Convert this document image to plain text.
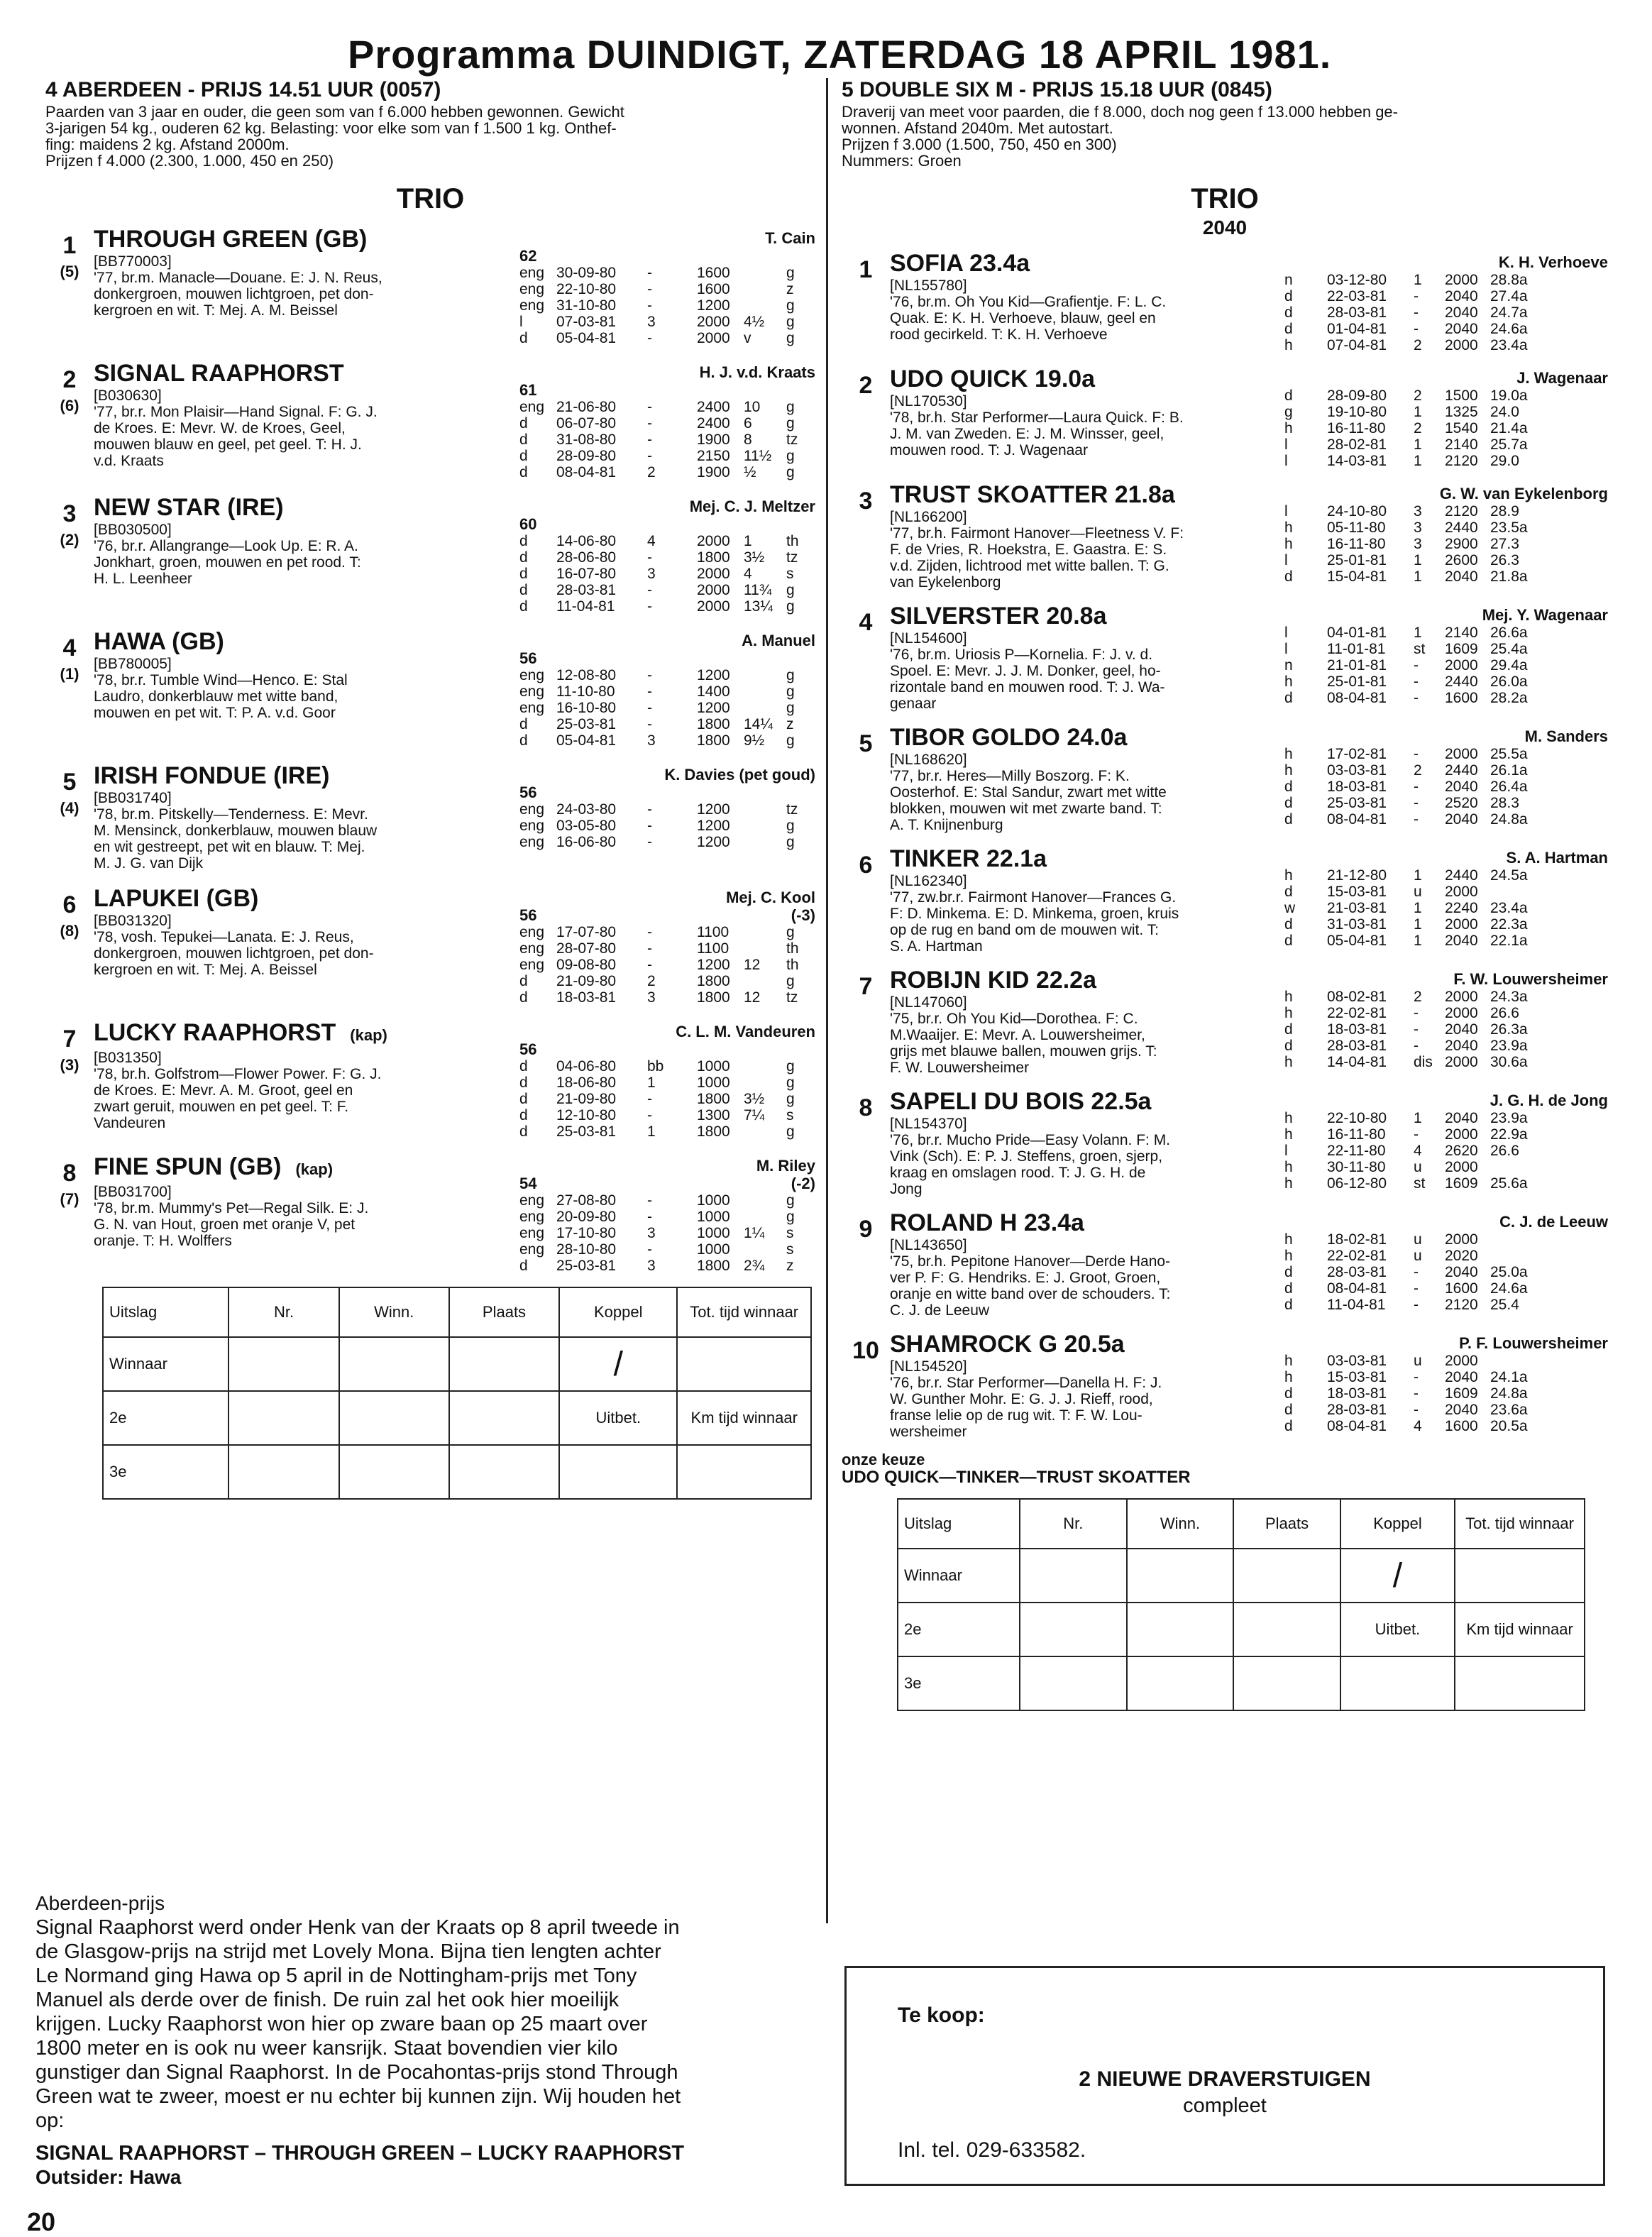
Programma DUINDIGT, ZATERDAG 18 APRIL 1981.
4 ABERDEEN - PRIJS 14.51 UUR (0057)
Paarden van 3 jaar en ouder, die geen som van f 6.000 hebben gewonnen. Gewicht
3-jarigen 54 kg., ouderen 62 kg. Belasting: voor elke som van f 1.500 1 kg. Onthef-
fing: maidens 2 kg. Afstand 2000m.
Prijzen f 4.000 (2.300, 1.000, 450 en 250)
TRIO
1
(5)
THROUGH GREEN (GB)
[BB770003]
'77, br.m. Manacle—Douane. E: J. N. Reus,
donkergroen, mouwen lichtgroen, pet don-
kergroen en wit. T: Mej. A. M. Beissel
T. Cain
62
eng 30-09-80	-	1600	g
eng 22-10-80	-	1600	z
eng 31-10-80	-	1200	g
l	07-03-81	3	2000 4½	g
d	05-04-81	-	2000 v	g
2
(6)
SIGNAL RAAPHORST
[B030630]
'77, br.r. Mon Plaisir—Hand Signal. F: G. J.
de Kroes. E: Mevr. W. de Kroes, Geel,
mouwen blauw en geel, pet geel. T: H. J.
v.d. Kraats
H. J. v.d. Kraats
61
eng 21-06-80	-	2400 10	g
d	06-07-80	-	2400 6	g
d	31-08-80	-	1900 8	tz
d	28-09-80	-	2150 11½ g
d	08-04-81	2	1900 ½	g
3
(2)
NEW STAR (IRE)
[BB030500]
'76, br.r. Allangrange—Look Up. E: R. A.
Jonkhart, groen, mouwen en pet rood. T:
H. L. Leenheer
Mej. C. J. Meltzer
60
d	14-06-80	4	2000 1	th
d	28-06-80	-	1800 3½	tz
d	16-07-80	3	2000 4	s
d	28-03-81	-	2000 11¾ g
d	11-04-81	-	2000 13¼ g
4
(1)
HAWA (GB)
[BB780005]
'78, br.r. Tumble Wind—Henco. E: Stal
Laudro, donkerblauw met witte band,
mouwen en pet wit. T: P. A. v.d. Goor
A. Manuel
56
eng 12-08-80	-	1200	g
eng 11-10-80	-	1400	g
eng 16-10-80	-	1200	g
d	25-03-81	-	1800 14¼ z
d	05-04-81	3	1800 9½	g
5
(4)
IRISH FONDUE (IRE)
[BB031740]
'78, br.m. Pitskelly—Tenderness. E: Mevr.
M. Mensinck, donkerblauw, mouwen blauw
en wit gestreept, pet wit en blauw. T: Mej.
M. J. G. van Dijk
K. Davies (pet goud)
56
eng 24-03-80	-	1200	tz
eng 03-05-80	-	1200	g
eng 16-06-80	-	1200	g
6
(8)
LAPUKEI (GB)
[BB031320]
'78, vosh. Tepukei—Lanata. E: J. Reus,
donkergroen, mouwen lichtgroen, pet don-
kergroen en wit. T: Mej. A. Beissel
Mej. C. Kool
56	(-3)
eng 17-07-80	-	1100	g
eng 28-07-80	-	1100	th
eng 09-08-80	-	1200 12	th
d	21-09-80	2	1800	g
d	18-03-81	3	1800 12	tz
7
(3)
LUCKY RAAPHORST (kap)
[B031350]
'78, br.h. Golfstrom—Flower Power. F: G. J.
de Kroes. E: Mevr. A. M. Groot, geel en
zwart geruit, mouwen en pet geel. T: F.
Vandeuren
C. L. M. Vandeuren
56
d	04-06-80	bb	1000	g
d	18-06-80	1	1000	g
d	21-09-80	-	1800 3½	g
d	12-10-80	-	1300 7¼	s
d	25-03-81	1	1800	g
8
(7)
FINE SPUN (GB) (kap)
[BB031700]
'78, br.m. Mummy's Pet—Regal Silk. E: J.
G. N. van Hout, groen met oranje V, pet
oranje. T: H. Wolffers
M. Riley
54	(-2)
eng 27-08-80	-	1000	g
eng 20-09-80	-	1000	g
eng 17-10-80	3	1000 1¼	s
eng 28-10-80	-	1000	s
d	25-03-81	3	1800 2¾	z
Uitslag	Nr.	Winn.	Plaats	Koppel	Tot. tijd winnaar
Winnaar				/	
2e				Uitbet.	Km tijd winnaar
3e					
5 DOUBLE SIX M - PRIJS 15.18 UUR (0845)
Draverij van meet voor paarden, die f 8.000, doch nog geen f 13.000 hebben ge-
wonnen. Afstand 2040m. Met autostart.
Prijzen f 3.000 (1.500, 750, 450 en 300)
Nummers: Groen
TRIO
2040
1 SOFIA 23.4a
[NL155780]
'76, br.m. Oh You Kid—Grafientje. F: L. C.
Quak. E: K. H. Verhoeve, blauw, geel en
rood gecirkeld. T: K. H. Verhoeve
K. H. Verhoeve
n	03-12-80	1	2000 28.8a
d	22-03-81	-	2040 27.4a
d	28-03-81	-	2040 24.7a
d	01-04-81	-	2040 24.6a
h	07-04-81	2	2000 23.4a
2 UDO QUICK 19.0a
[NL170530]
'78, br.h. Star Performer—Laura Quick. F: B.
J. M. van Zweden. E: J. M. Winsser, geel,
mouwen rood. T: J. Wagenaar
J. Wagenaar
d	28-09-80	2	1500 19.0a
g	19-10-80	1	1325 24.0
h	16-11-80	2	1540 21.4a
l	28-02-81	1	2140 25.7a
l	14-03-81	1	2120 29.0
3 TRUST SKOATTER 21.8a
[NL166200]
'77, br.h. Fairmont Hanover—Fleetness V. F:
F. de Vries, R. Hoekstra, E. Gaastra. E: S.
v.d. Zijden, lichtrood met witte ballen. T: G.
van Eykelenborg
G. W. van Eykelenborg
l	24-10-80	3	2120 28.9
h	05-11-80	3	2440 23.5a
h	16-11-80	3	2900 27.3
l	25-01-81	1	2600 26.3
d	15-04-81	1	2040 21.8a
4 SILVERSTER 20.8a
[NL154600]
'76, br.m. Uriosis P—Kornelia. F: J. v. d.
Spoel. E: Mevr. J. J. M. Donker, geel, ho-
rizontale band en mouwen rood. T: J. Wa-
genaar
Mej. Y. Wagenaar
l	04-01-81	1	2140 26.6a
l	11-01-81	st	1609 25.4a
n	21-01-81	-	2000 29.4a
h	25-01-81	-	2440 26.0a
d	08-04-81	-	1600 28.2a
5 TIBOR GOLDO 24.0a
[NL168620]
'77, br.r. Heres—Milly Boszorg. F: K.
Oosterhof. E: Stal Sandur, zwart met witte
blokken, mouwen wit met zwarte band. T:
A. T. Knijnenburg
M. Sanders
h	17-02-81	-	2000 25.5a
h	03-03-81	2	2440 26.1a
d	18-03-81	-	2040 26.4a
d	25-03-81	-	2520 28.3
d	08-04-81	-	2040 24.8a
6 TINKER 22.1a
[NL162340]
'77, zw.br.r. Fairmont Hanover—Frances G.
F: D. Minkema. E: D. Minkema, groen, kruis
op de rug en band om de mouwen wit. T:
S. A. Hartman
S. A. Hartman
h	21-12-80	1	2440 24.5a
d	15-03-81	u	2000
w	21-03-81	1	2240 23.4a
d	31-03-81	1	2000 22.3a
d	05-04-81	1	2040 22.1a
7 ROBIJN KID 22.2a
[NL147060]
'75, br.r. Oh You Kid—Dorothea. F: C.
M.Waaijer. E: Mevr. A. Louwersheimer,
grijs met blauwe ballen, mouwen grijs. T:
F. W. Louwersheimer
F. W. Louwersheimer
h	08-02-81	2	2000 24.3a
h	22-02-81	-	2000 26.6
d	18-03-81	-	2040 26.3a
d	28-03-81	-	2040 23.9a
h	14-04-81	dis 2000 30.6a
8 SAPELI DU BOIS 22.5a
[NL154370]
'76, br.r. Mucho Pride—Easy Volann. F: M.
Vink (Sch). E: P. J. Steffens, groen, sjerp,
kraag en omslagen rood. T: J. G. H. de
Jong
J. G. H. de Jong
h	22-10-80	1	2040 23.9a
h	16-11-80	-	2000 22.9a
l	22-11-80	4	2620 26.6
h	30-11-80	u	2000
h	06-12-80	st	1609 25.6a
9 ROLAND H 23.4a
[NL143650]
'75, br.h. Pepitone Hanover—Derde Hano-
ver P. F: G. Hendriks. E: J. Groot, Groen,
oranje en witte band over de schouders. T:
C. J. de Leeuw
C. J. de Leeuw
h	18-02-81	u	2000
h	22-02-81	u	2020
d	28-03-81	-	2040 25.0a
d	08-04-81	-	1600 24.6a
d	11-04-81	-	2120 25.4
10 SHAMROCK G 20.5a
[NL154520]
'76, br.r. Star Performer—Danella H. F: J.
W. Gunther Mohr. E: G. J. J. Rieff, rood,
franse lelie op de rug wit. T: F. W. Lou-
wersheimer
P. F. Louwersheimer
h	03-03-81	u	2000
h	15-03-81	-	2040 24.1a
d	18-03-81	-	1609 24.8a
d	28-03-81	-	2040 23.6a
d	08-04-81	4	1600 20.5a
onze keuze
UDO QUICK—TINKER—TRUST SKOATTER
Uitslag	Nr.	Winn.	Plaats	Koppel	Tot. tijd winnaar
Winnaar				/	
2e				Uitbet.	Km tijd winnaar
3e					
Aberdeen-prijs
Signal Raaphorst werd onder Henk van der Kraats op 8 april tweede in
de Glasgow-prijs na strijd met Lovely Mona. Bijna tien lengten achter
Le Normand ging Hawa op 5 april in de Nottingham-prijs met Tony
Manuel als derde over de finish. De ruin zal het ook hier moeilijk
krijgen. Lucky Raaphorst won hier op zware baan op 25 maart over
1800 meter en is ook nu weer kansrijk. Staat bovendien vier kilo
gunstiger dan Signal Raaphorst. In de Pocahontas-prijs stond Through
Green wat te zweer, moest er nu echter bij kunnen zijn. Wij houden het
op:
SIGNAL RAAPHORST – THROUGH GREEN – LUCKY RAAPHORST
Outsider: Hawa
Te koop:
2 NIEUWE DRAVERSTUIGEN
compleet
Inl. tel. 029-633582.
20
